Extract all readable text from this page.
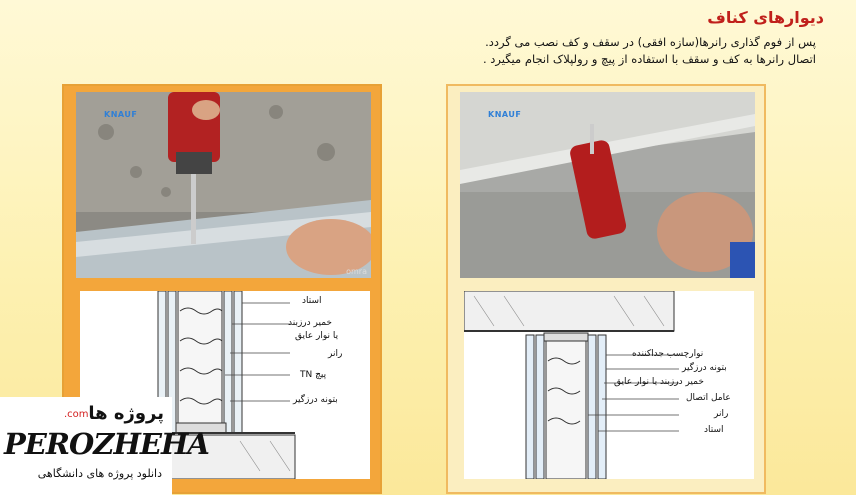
دیوارهای کناف
پس از فوم گذاری رانرها(سازه افقی) در سقف و کف نصب می گردد.
اتصال رانرها به کف و سقف با استفاده از پیچ و رولپلاک انجام میگیرد .
KNAUF
omra
استاد
خمیر درزبند
یا نوار عایق
رانر
پیچ TN
بتونه درزگیر
KNAUF
نوارچسب جداکننده
بتونه درزگیر
خمیر درزبند یا نوار عایق
عامل اتصال
رانر
استاد
پروژه ها
.com
PEROZHEHA
دانلود پروژه های دانشگاهی
